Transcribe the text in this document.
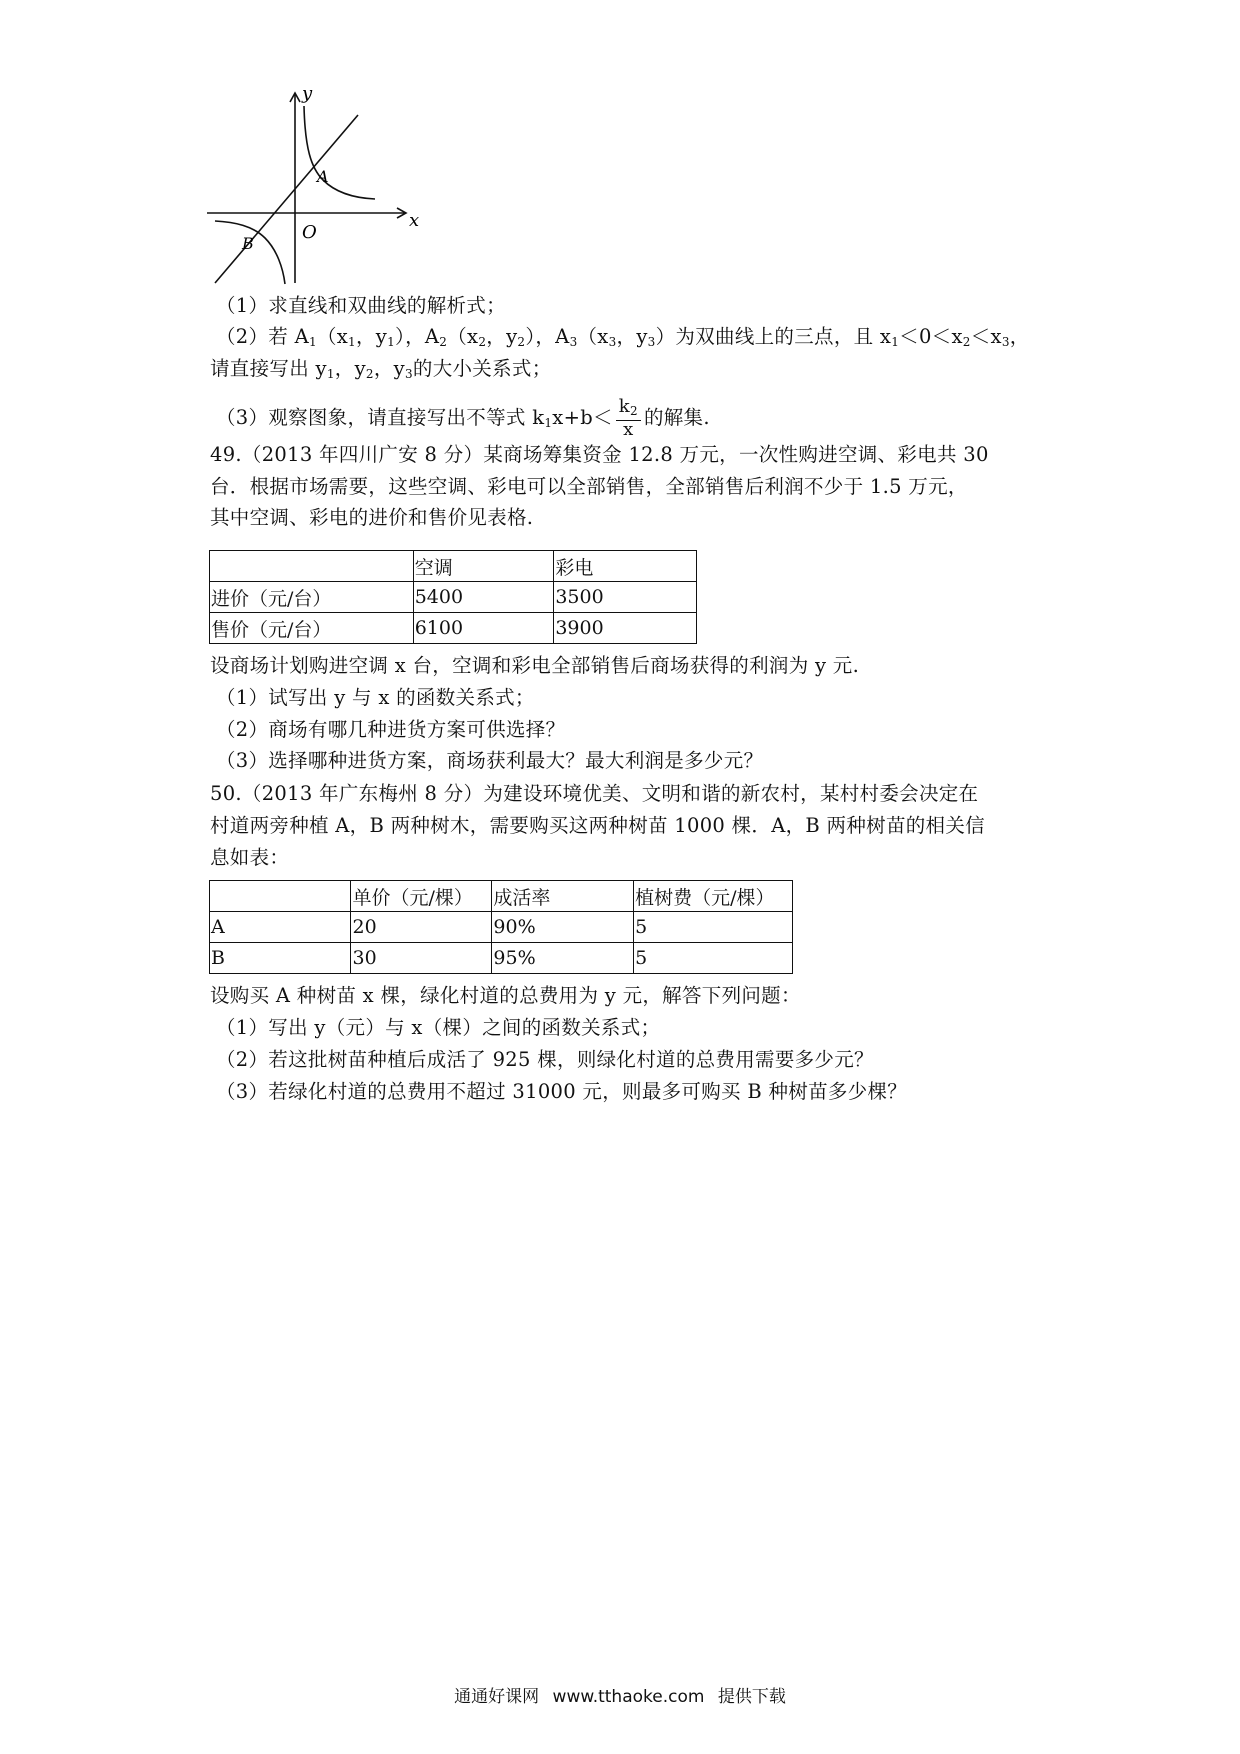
y
x
O
A
B
（1）求直线和双曲线的解析式；
（2）若 $A_1(x_1$，$y_1$），$A_2(x_2$，$y_2$），$A_3(x_3$，$y_3$）为双曲线上的三点，且 $x_1<0<x_2<x_3$，
请直接写出 $y_1$，$y_2$，$y_3$的大小关系式；
（3）观察图象，请直接写出不等式 $k_1x+b< \frac{k_2}{x}$ 的解集.
49.（2013 年四川广安 8 分）某商场筹集资金 12.8 万元，一次性购进空调、彩电共 30
台．根据市场需要，这些空调、彩电可以全部销售，全部销售后利润不少于 1.5 万元，
其中空调、彩电的进价和售价见表格.
	空调	彩电
进价（元/台）	5400	3500
售价（元/台）	6100	3900
设商场计划购进空调 x 台，空调和彩电全部销售后商场获得的利润为 y 元.
（1）试写出 y 与 x 的函数关系式；
（2）商场有哪几种进货方案可供选择？
（3）选择哪种进货方案，商场获利最大？最大利润是多少元？
50.（2013 年广东梅州 8 分）为建设环境优美、文明和谐的新农村，某村村委会决定在
村道两旁种植 A，B 两种树木，需要购买这两种树苗 1000 棵．A，B 两种树苗的相关信
息如表：
	单价（元/棵）	成活率	植树费（元/棵）
A	20	90%	5
B	30	95%	5
设购买 A 种树苗 x 棵，绿化村道的总费用为 y 元，解答下列问题：
（1）写出 y（元）与 x（棵）之间的函数关系式；
（2）若这批树苗种植后成活了 925 棵，则绿化村道的总费用需要多少元？
（3）若绿化村道的总费用不超过 31000 元，则最多可购买 B 种树苗多少棵？
通通好课网 www.tthaoke.com 提供下载
